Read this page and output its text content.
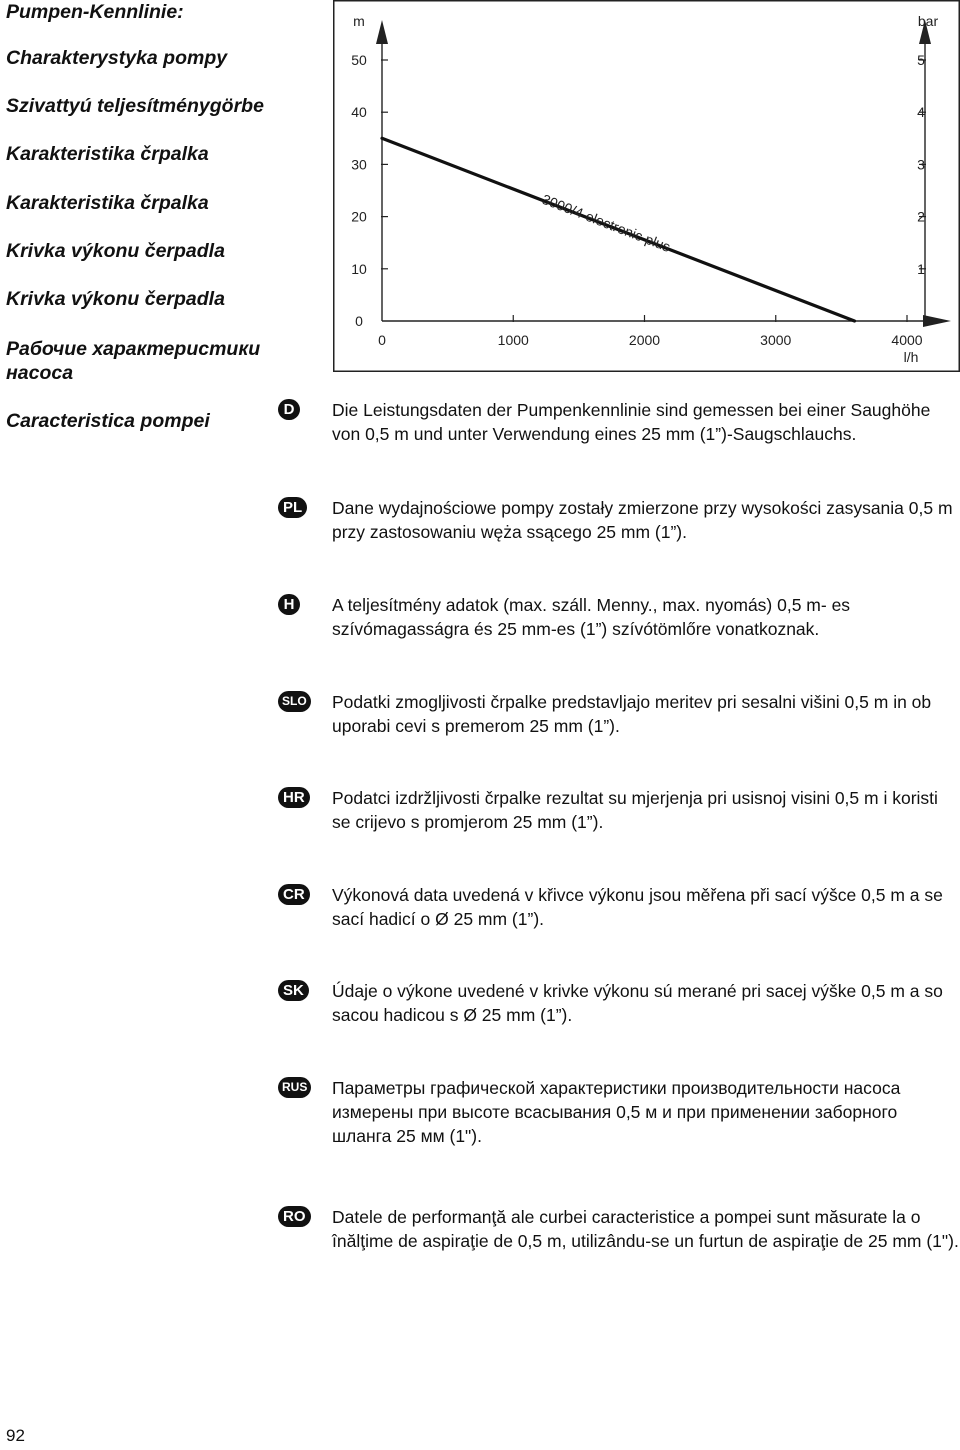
Pumpen-Kennlinie:
Charakterystyka pompy
Szivattyú teljesítménygörbe
Karakteristika črpalka
Karakteristika črpalka
Krivka výkonu čerpadla
Krivka výkonu čerpadla
Рабочие характеристики насоса
Caracteristica pompei
0	1000	2000	3000	4000
0
10
20
30
40
50
1
2
3
4
5
m	bar
l/h
3000/4 electronic plus
D	Die Leistungsdaten der Pumpenkennlinie sind gemessen bei einer Saughöhe von 0,5 m und unter Verwendung eines 25 mm (1”)-Saugschlauchs.
PL Dane wydajnościowe pompy zostały zmierzone przy wysokości zasysania 0,5 m przy zastosowaniu węża ssącego 25 mm (1”).
H	A teljesítmény adatok (max. száll. Menny., max. nyomás) 0,5 m- es szívómagasságra és 25 mm-es (1”) szívótömlőre vonatkoznak.
SLO Podatki zmogljivosti črpalke predstavljajo meritev pri sesalni višini 0,5 m in ob uporabi cevi s premerom 25 mm (1”).
HR Podatci izdržljivosti črpalke rezultat su mjerjenja pri usisnoj visini 0,5 m i koristi se crijevo s promjerom 25 mm (1”).
CR Výkonová data uvedená v křivce výkonu jsou měřena při sací výšce 0,5 m a se sací hadicí o Ø 25 mm (1”).
SK Údaje o výkone uvedené v krivke výkonu sú merané pri sacej výške 0,5 m a so sacou hadicou s Ø 25 mm (1”).
RUS Параметры графической характеристики производительности насоса измерены при высоте всасывания 0,5 м и при применении заборного шланга 25 мм (1").
RO Datele de performanţă ale curbei caracteristice a pompei sunt măsurate la o înălţime de aspiraţie de 0,5 m, utilizându-se un furtun de aspiraţie de 25 mm (1").
92
